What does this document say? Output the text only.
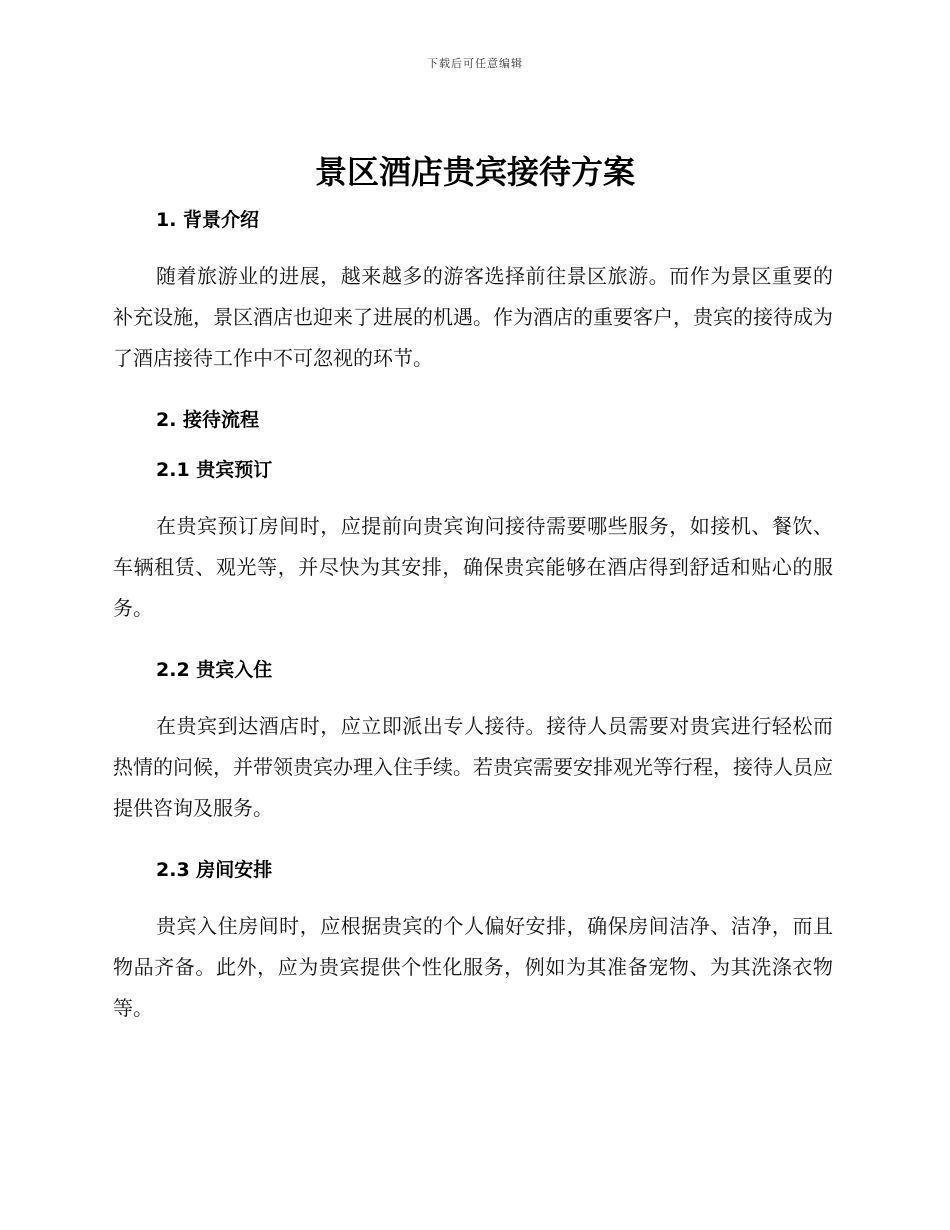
下载后可任意编辑
景区酒店贵宾接待方案
1. 背景介绍

随着旅游业的进展，越来越多的游客选择前往景区旅游。而作为景区重要的补充设施，景区酒店也迎来了进展的机遇。作为酒店的重要客户，贵宾的接待成为了酒店接待工作中不可忽视的环节。

2. 接待流程
2.1 贵宾预订

在贵宾预订房间时，应提前向贵宾询问接待需要哪些服务，如接机、餐饮、车辆租赁、观光等，并尽快为其安排，确保贵宾能够在酒店得到舒适和贴心的服务。

2.2 贵宾入住

在贵宾到达酒店时，应立即派出专人接待。接待人员需要对贵宾进行轻松而热情的问候，并带领贵宾办理入住手续。若贵宾需要安排观光等行程，接待人员应提供咨询及服务。

2.3 房间安排

贵宾入住房间时，应根据贵宾的个人偏好安排，确保房间洁净、洁净，而且物品齐备。此外，应为贵宾提供个性化服务，例如为其准备宠物、为其洗涤衣物等。
